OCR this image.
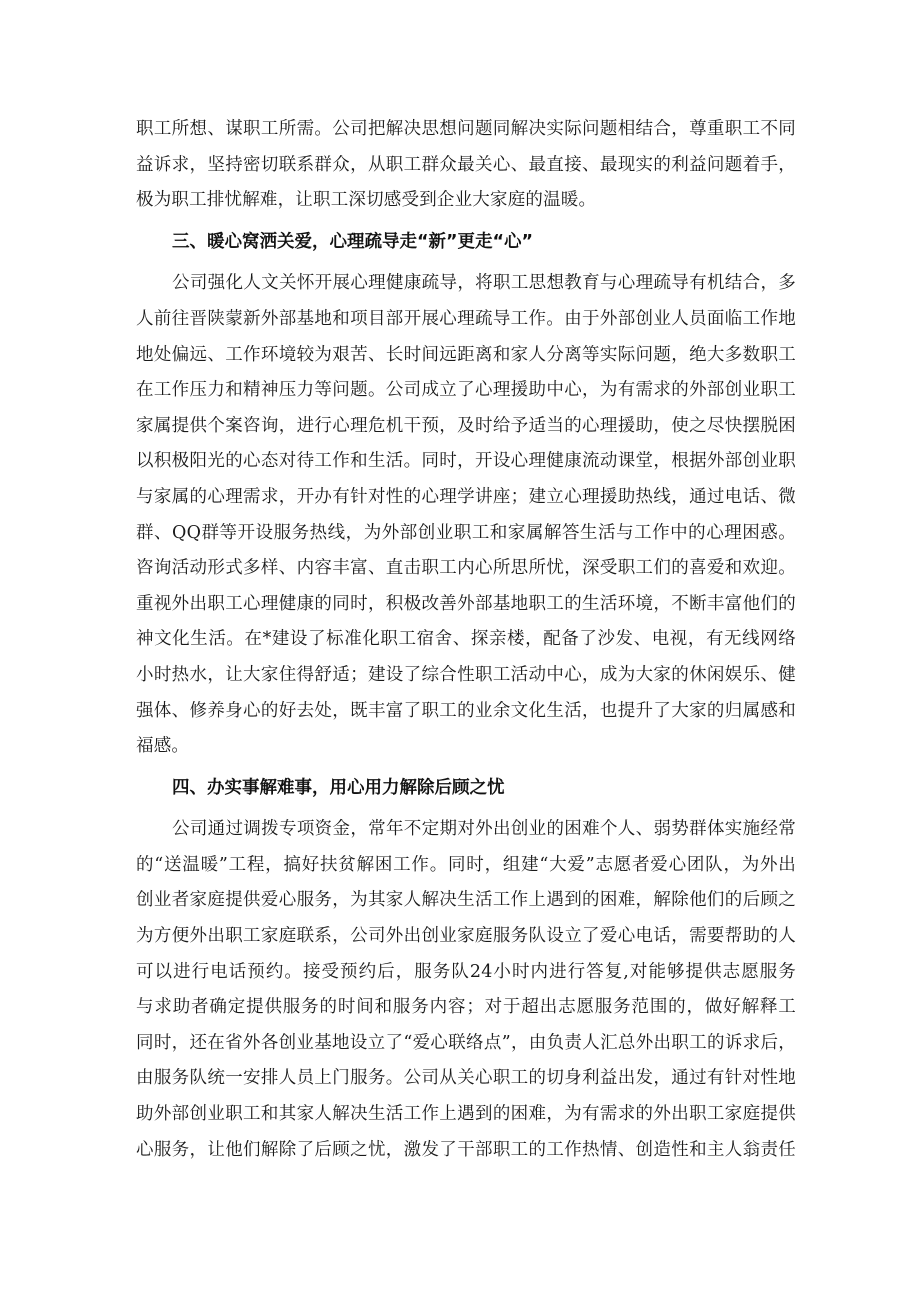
职工所想、谋职工所需。公司把解决思想问题同解决实际问题相结合，尊重职工不同
益诉求，坚持密切联系群众，从职工群众最关心、最直接、最现实的利益问题着手，
极为职工排忧解难，让职工深切感受到企业大家庭的温暖。
三、暖心窝洒关爱，心理疏导走“新”更走“心”
公司强化人文关怀开展心理健康疏导，将职工思想教育与心理疏导有机结合，多
人前往晋陕蒙新外部基地和项目部开展心理疏导工作。由于外部创业人员面临工作地
地处偏远、工作环境较为艰苦、长时间远距离和家人分离等实际问题，绝大多数职工
在工作压力和精神压力等问题。公司成立了心理援助中心，为有需求的外部创业职工
家属提供个案咨询，进行心理危机干预，及时给予适当的心理援助，使之尽快摆脱困
以积极阳光的心态对待工作和生活。同时，开设心理健康流动课堂，根据外部创业职
与家属的心理需求，开办有针对性的心理学讲座；建立心理援助热线，通过电话、微
群、QQ群等开设服务热线，为外部创业职工和家属解答生活与工作中的心理困惑。
咨询活动形式多样、内容丰富、直击职工内心所思所忧，深受职工们的喜爱和欢迎。
重视外出职工心理健康的同时，积极改善外部基地职工的生活环境，不断丰富他们的
神文化生活。在*建设了标准化职工宿舍、探亲楼，配备了沙发、电视，有无线网络
小时热水，让大家住得舒适；建设了综合性职工活动中心，成为大家的休闲娱乐、健
强体、修养身心的好去处，既丰富了职工的业余文化生活，也提升了大家的归属感和
福感。
四、办实事解难事，用心用力解除后顾之忧
公司通过调拨专项资金，常年不定期对外出创业的困难个人、弱势群体实施经常
的“送温暖”工程，搞好扶贫解困工作。同时，组建“大爱”志愿者爱心团队，为外出
创业者家庭提供爱心服务，为其家人解决生活工作上遇到的困难，解除他们的后顾之
为方便外出职工家庭联系，公司外出创业家庭服务队设立了爱心电话，需要帮助的人
可以进行电话预约。接受预约后，服务队24小时内进行答复,对能够提供志愿服务
与求助者确定提供服务的时间和服务内容；对于超出志愿服务范围的，做好解释工
同时，还在省外各创业基地设立了“爱心联络点”，由负责人汇总外出职工的诉求后，
由服务队统一安排人员上门服务。公司从关心职工的切身利益出发，通过有针对性地
助外部创业职工和其家人解决生活工作上遇到的困难，为有需求的外出职工家庭提供
心服务，让他们解除了后顾之忧，激发了干部职工的工作热情、创造性和主人翁责任
